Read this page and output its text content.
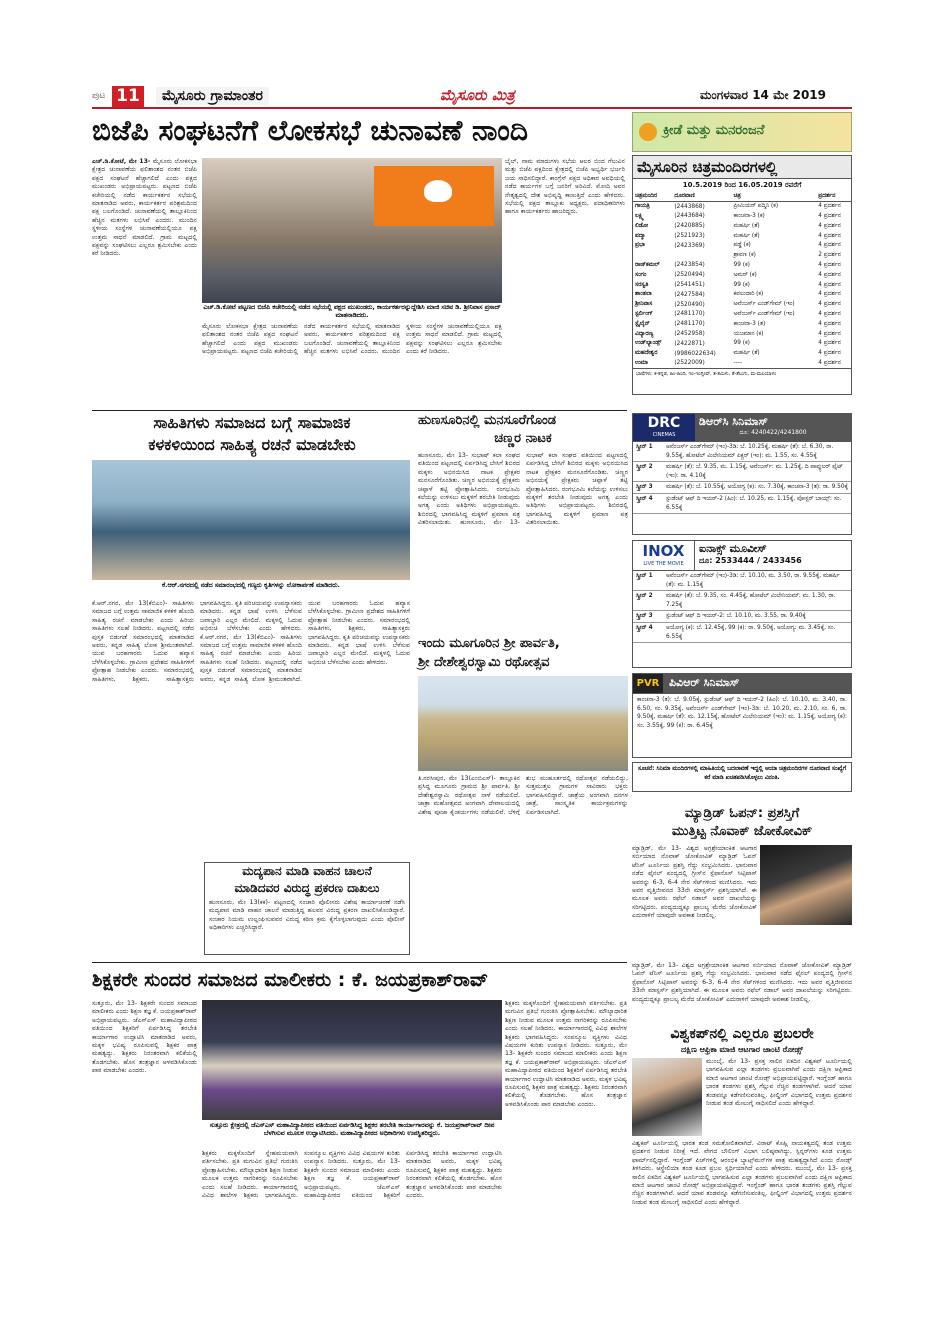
ಪುಟ 11	ಮೈಸೂರು ಗ್ರಾಮಾಂತರ	ಮೈಸೂರು ಮಿತ್ರ	ಮಂಗಳವಾರ 14 ಮೇ 2019
ಬಿಜೆಪಿ ಸಂಘಟನೆಗೆ ಲೋಕಸಭೆ ಚುನಾವಣೆ ನಾಂದಿ
ಎಚ್.ಡಿ.ಕೋಟೆ, ಮೇ 13- ಮೈಸೂರು ಲೋಕಸಭಾ ಕ್ಷೇತ್ರದ ಚುನಾವಣೆಯ ಫಲಿತಾಂಶದ ನಂತರ ಬಿಜೆಪಿ ಪಕ್ಷದ ಸಂಘಟನೆ ಹೆಚ್ಚಾಗಲಿದೆ ಎಂದು ಪಕ್ಷದ ಮುಖಂಡರು ಅಭಿಪ್ರಾಯಪಟ್ಟರು. ಪಟ್ಟಣದ ಬಿಜೆಪಿ ಕಚೇರಿಯಲ್ಲಿ ನಡೆದ ಕಾರ್ಯಕರ್ತರ ಸಭೆಯಲ್ಲಿ ಮಾತನಾಡಿದ ಅವರು, ಕಾರ್ಯಕರ್ತರ ಪರಿಶ್ರಮದಿಂದ ಪಕ್ಷ ಬಲಗೊಂಡಿದೆ. ಚುನಾವಣೆಯಲ್ಲಿ ತಾಲ್ಲೂಕಿನಿಂದ ಹೆಚ್ಚಿನ ಮತಗಳು ಲಭಿಸಿವೆ ಎಂದರು. ಮುಂದಿನ ಸ್ಥಳೀಯ ಸಂಸ್ಥೆಗಳ ಚುನಾವಣೆಯಲ್ಲಿಯೂ ಪಕ್ಷ ಉತ್ತಮ ಸಾಧನೆ ಮಾಡಲಿದೆ. ಗ್ರಾಮ ಮಟ್ಟದಲ್ಲಿ ಪಕ್ಷವನ್ನು ಸಂಘಟಿಸಲು ಎಲ್ಲರೂ ಶ್ರಮಿಸಬೇಕು ಎಂದು ಕರೆ ನೀಡಿದರು.
ಎಚ್.ಡಿ.ಕೋಟೆ ಪಟ್ಟಣದ ಬಿಜೆಪಿ ಕಚೇರಿಯಲ್ಲಿ ನಡೆದ ಸಭೆಯಲ್ಲಿ ಪಕ್ಷದ ಮುಖಂಡರು, ಕಾರ್ಯಕರ್ತರನ್ನುದ್ದೇಶಿಸಿ ಮಾಜಿ ಸಚಿವ ಡಿ. ಶ್ರೀನಿವಾಸ ಪ್ರಸಾದ್ ಮಾತನಾಡಿದರು.
ಬೈಲ್, ನಾಮ ಮಾದುಗಳು ಸಭೆಯ ಆಲರ ಬಿಂದ ಗೆಲುವಿನ ಮತ್ತು ಬಿಜೆಪಿ ಪಕ್ಷದಿಂದ ಕ್ಷೇತ್ರದಲ್ಲಿ ಬಿಜೆಪಿ ಅಭ್ಯರ್ಥಿ ಭರ್ಜರಿ ಜಯ ಸಾಧಿಸಲಿದ್ದಾರೆ. ಕಾಂಗ್ರೆಸ್ ಪಕ್ಷದ ಅಧಿಕಾರ ಅವಧಿಯಲ್ಲಿ ನಡೆದ ಕಾರ್ಯಗಳ ಬಗ್ಗೆ ಜನರಿಗೆ ಅರಿವಿದೆ. ಮೋದಿ ಅವರ ನೇತೃತ್ವದಲ್ಲಿ ದೇಶ ಅಭಿವೃದ್ಧಿ ಕಾಣುತ್ತಿದೆ ಎಂದು ಹೇಳಿದರು. ಸಭೆಯಲ್ಲಿ ಪಕ್ಷದ ತಾಲ್ಲೂಕು ಅಧ್ಯಕ್ಷರು, ಪದಾಧಿಕಾರಿಗಳು ಹಾಗೂ ಕಾರ್ಯಕರ್ತರು ಹಾಜರಿದ್ದರು.
ಮೈಸೂರು ಲೋಕಸಭಾ ಕ್ಷೇತ್ರದ ಚುನಾವಣೆಯ ಫಲಿತಾಂಶದ ನಂತರ ಬಿಜೆಪಿ ಪಕ್ಷದ ಸಂಘಟನೆ ಹೆಚ್ಚಾಗಲಿದೆ ಎಂದು ಪಕ್ಷದ ಮುಖಂಡರು ಅಭಿಪ್ರಾಯಪಟ್ಟರು. ಪಟ್ಟಣದ ಬಿಜೆಪಿ ಕಚೇರಿಯಲ್ಲಿ ನಡೆದ ಕಾರ್ಯಕರ್ತರ ಸಭೆಯಲ್ಲಿ ಮಾತನಾಡಿದ ಅವರು, ಕಾರ್ಯಕರ್ತರ ಪರಿಶ್ರಮದಿಂದ ಪಕ್ಷ ಬಲಗೊಂಡಿದೆ. ಚುನಾವಣೆಯಲ್ಲಿ ತಾಲ್ಲೂಕಿನಿಂದ ಹೆಚ್ಚಿನ ಮತಗಳು ಲಭಿಸಿವೆ ಎಂದರು. ಮುಂದಿನ ಸ್ಥಳೀಯ ಸಂಸ್ಥೆಗಳ ಚುನಾವಣೆಯಲ್ಲಿಯೂ ಪಕ್ಷ ಉತ್ತಮ ಸಾಧನೆ ಮಾಡಲಿದೆ. ಗ್ರಾಮ ಮಟ್ಟದಲ್ಲಿ ಪಕ್ಷವನ್ನು ಸಂಘಟಿಸಲು ಎಲ್ಲರೂ ಶ್ರಮಿಸಬೇಕು ಎಂದು ಕರೆ ನೀಡಿದರು.
ಕ್ರೀಡೆ ಮತ್ತು ಮನರಂಜನೆ
ಮೈಸೂರಿನ ಚಿತ್ರಮಂದಿರಗಳಲ್ಲಿ
10.5.2019 ರಿಂದ 16.05.2019 ರವರೆಗೆ
ಚಿತ್ರಮಂದಿರ	ದೂರವಾಣಿ	ಚಿತ್ರ	ಪ್ರದರ್ಶನ
ಗಾಯತ್ರಿ	(2443868)	ಪ್ರೀಮಿಯರ್ ಪದ್ಮಿನಿ (ಕ)	4 ಪ್ರದರ್ಶನ
ಲಕ್ಷ್ಮಿ	(2443684)	ಕಾಂಚನಾ-3 (ಕ)	4 ಪ್ರದರ್ಶನ
ಲಿಡೋ	(2420885)	ಮಹರ್ಷಿ (ತೆ)	4 ಪ್ರದರ್ಶನ
ಪದ್ಮಾ	(2521923)	ಮಹರ್ಷಿ (ತೆ)	4 ಪ್ರದರ್ಶನ
ಪ್ರಭಾ	(2423369)	ಪಡ್ಡೆ (ಕ)	4 ಪ್ರದರ್ಶನ
		ಶ್ರಾವಣ (ಕ)	2 ಪ್ರದರ್ಶನ
ರಾಜ್‌ಕಮಲ್	(2423854)	99 (ಕ)	4 ಪ್ರದರ್ಶನ
ಸಂಗಂ	(2520494)	ಅಮರ್ (ಕ)	4 ಪ್ರದರ್ಶನ
ಸರಸ್ವತಿ	(2541451)	99 (ಕ)	4 ಪ್ರದರ್ಶನ
ಶಾಂತಲಾ	(2427584)	ಕವಲುದಾರಿ (ಕ)	4 ಪ್ರದರ್ಶನ
ಶ್ರೀನಿವಾಸ	(2520490)	ಅವೆಂಜರ್ಸ್ ಎಂಡ್‌ಗೇಮ್ (ಇಂ)	4 ಪ್ರದರ್ಶನ
ಸ್ಟರ್ಲಿಂಗ್	(2481170)	ಅವೆಂಜರ್ಸ್ ಎಂಡ್‌ಗೇಮ್ (ಇಂ)	4 ಪ್ರದರ್ಶನ
ಸ್ಟೈಲೈನ್	(2481170)	ಕಾಂಚನಾ-3 (ತ)	4 ಪ್ರದರ್ಶನ
ವಿದ್ಯಾರಣ್ಯ	(2452958)	ಯಜಮಾನ (ಕ)	4 ಪ್ರದರ್ಶನ
ಉಡ್‌ಲ್ಯಾಂಡ್ಸ್	(2422871)	99 (ಕ)	4 ಪ್ರದರ್ಶನ
ಮಹದೇಶ್ವರ	(9986022634)	ಮಹರ್ಷಿ (ತೆ)	4 ಪ್ರದರ್ಶನ
ಉಮಾ	(2522009)	----	4 ಪ್ರದರ್ಶನ
ಭಾಷೆಗಳು: ಕ-ಕನ್ನಡ, ಹಿಂ-ಹಿಂದಿ, ಇಂ-ಇಂಗ್ಲೀಷ್, ತ-ತಮಿಳು, ತೆ-ತೆಲುಗು, ಮ-ಮಲಯಾಳಂ
DRC
CINEMAS
ಡಿಆರ್‌ಸಿ ಸಿನಿಮಾಸ್
ದೂ: 4240422/4241800
ಸ್ಕ್ರೀನ್ 1	ಅವೆಂಜರ್ಸ್ ಎಂಡ್‌ಗೇಮ್ (ಇಂ)-3ಡಿ: ಬೆ. 10.25ಕ್ಕೆ, ಮಹರ್ಷಿ (ತೆ): ಬೆ. 6.30, ರಾ. 9.55ಕ್ಕೆ, ಹೋಟೆಲ್ ಮಿಲೇನಿಯಮ್ ಪಿಕ್ಚರ್ (ಇಂ): ಮ. 1.55, ಸಂ. 4.55ಕ್ಕೆ
ಸ್ಕ್ರೀನ್ 2	ಮಹರ್ಷಿ (ತೆ): ಬೆ. 9.35, ಮ. 1.15ಕ್ಕೆ, ಅವೆಂಜರ್ಸ್: ಮ. 1.25ಕ್ಕೆ, ದಿ ಪಾಪ್ಯುಲರ್ ಫೈಟ್ (ಇಂ): ರಾ. 4.10ಕ್ಕೆ
ಸ್ಕ್ರೀನ್ 3	ಮಹರ್ಷಿ (ತೆ): ಬೆ. 10.55ಕ್ಕೆ, ಅಯೋಗ್ಯ (ಕ): ಸಂ. 7.30ಕ್ಕೆ, ಕಾಂಚನಾ-3 (ತ): ರಾ. 9.50ಕ್ಕೆ
ಸ್ಕ್ರೀನ್ 4	ಸ್ಟುಡೆಂಟ್ ಆಫ್ ದಿ ಇಯರ್-2 (ಹಿಂ): ಬೆ. 10.25, ಮ. 1.15ಕ್ಕೆ, ಪೋಸ್ಟರ್ ಬಾಯ್ಸ್: ಸಂ. 6.55ಕ್ಕೆ
INOX
LIVE THE MOVIE
ಐನಾಕ್ಸ್ ಮೂವೀಸ್
ದೂ: 2533444 / 2433456
ಸ್ಕ್ರೀನ್ 1	ಅವೆಂಜರ್ಸ್ ಎಂಡ್‌ಗೇಮ್ (ಇಂ)-3ಡಿ: ಬೆ. 10.10, ಮ. 3.50, ರಾ. 9.55ಕ್ಕೆ, ಮಹರ್ಷಿ (ತೆ): ಮ. 1.15ಕ್ಕೆ
ಸ್ಕ್ರೀನ್ 2	ಮಹರ್ಷಿ (ತೆ): ಬೆ. 9.35, ಸಂ. 4.45ಕ್ಕೆ, ಹೋಟೆಲ್ ಮಿಲೇನಿಯಮ್: ಮ. 1.30, ರಾ. 7.25ಕ್ಕೆ
ಸ್ಕ್ರೀನ್ 3	ಸ್ಟುಡೆಂಟ್ ಆಫ್ ದಿ ಇಯರ್-2: ಬೆ. 10.10, ಮ. 3.55, ರಾ. 9.40ಕ್ಕೆ
ಸ್ಕ್ರೀನ್ 4	ಅಯೋಗ್ಯ (ಕ): ಬೆ. 12.45ಕ್ಕೆ, 99 (ಕ): ರಾ. 9.50ಕ್ಕೆ, ಅಯೋಗ್ಯ: ಮ. 3.45ಕ್ಕೆ, ಸಂ. 6.55ಕ್ಕೆ
PVR ಪಿವಿಆರ್ ಸಿನಿಮಾಸ್
ಕಾಂಚನಾ-3 (ತ): ಬೆ. 9.05ಕ್ಕೆ, ಸ್ಟುಡೆಂಟ್ ಆಫ್ ದಿ ಇಯರ್-2 (ಹಿಂ): ಬೆ. 10.10, ಮ. 3.40, ರಾ. 6.50, ಸಂ. 9.35ಕ್ಕೆ, ಅವೆಂಜರ್ಸ್ ಎಂಡ್‌ಗೇಮ್ (ಇಂ)-3ಡಿ: ಬೆ. 10.20, ಮ. 2.10, ಸಂ. 6, ರಾ. 9.50ಕ್ಕೆ, ಮಹರ್ಷಿ (ತೆ): ಮ. 12.15ಕ್ಕೆ, ಹೋಟೆಲ್ ಮಿಲೇನಿಯಮ್ (ಇಂ): ಮ. 1.15ಕ್ಕೆ, ಅಯೋಗ್ಯ (ಕ): ಸಂ. 3.55ಕ್ಕೆ, 99 (ಕ): ರಾ. 6.45ಕ್ಕೆ
ಸೂಚನೆ: ಸಿನಿಮಾ ಮಂದಿರಗಳಲ್ಲಿ ಮಾಹಿತಿಯಲ್ಲಿ ಬದಲಾವಣೆ ಇದ್ದಲ್ಲಿ ಆಯಾ ಚಿತ್ರಮಂದಿರಗಳ ದೂರವಾಣಿ ಸಂಖ್ಯೆಗೆ ಕರೆ ಮಾಡಿ ಖಚಿತಪಡಿಸಿಕೊಳ್ಳಲು ವಿನಂತಿ.
ಸಾಹಿತಿಗಳು ಸಮಾಜದ ಬಗ್ಗೆ ಸಾಮಾಜಿಕ
ಕಳಕಳಿಯಿಂದ ಸಾಹಿತ್ಯ ರಚನೆ ಮಾಡಬೇಕು
ಕೆ.ಆರ್.ನಗರದಲ್ಲಿ ನಡೆದ ಸಮಾರಂಭದಲ್ಲಿ ಗಣ್ಯರು ಕೃತಿಗಳನ್ನು ಲೋಕಾರ್ಪಣೆ ಮಾಡಿದರು.
ಕೆ.ಆರ್.ನಗರ, ಮೇ 13(ಕೆಬಿಎಂ)- ಸಾಹಿತಿಗಳು ಸಮಾಜದ ಬಗ್ಗೆ ಉತ್ತಮ ಸಾಮಾಜಿಕ ಕಳಕಳಿ ಹೊಂದಿ ಸಾಹಿತ್ಯ ರಚನೆ ಮಾಡಬೇಕು ಎಂದು ಹಿರಿಯ ಸಾಹಿತಿಗಳು ಸಲಹೆ ನೀಡಿದರು. ಪಟ್ಟಣದಲ್ಲಿ ನಡೆದ ಪುಸ್ತಕ ಬಿಡುಗಡೆ ಸಮಾರಂಭದಲ್ಲಿ ಮಾತನಾಡಿದ ಅವರು, ಕನ್ನಡ ಸಾಹಿತ್ಯ ಲೋಕ ಶ್ರೀಮಂತವಾಗಿದೆ. ಯುವ ಬರಹಗಾರರು ಓದುವ ಹವ್ಯಾಸ ಬೆಳೆಸಿಕೊಳ್ಳಬೇಕು. ಗ್ರಾಮೀಣ ಪ್ರದೇಶದ ಸಾಹಿತಿಗಳಿಗೆ ಪ್ರೋತ್ಸಾಹ ನೀಡಬೇಕು ಎಂದರು. ಸಮಾರಂಭದಲ್ಲಿ ಸಾಹಿತಿಗಳು, ಶಿಕ್ಷಕರು, ಸಾಹಿತ್ಯಾಸಕ್ತರು ಭಾಗವಹಿಸಿದ್ದರು. ಕೃತಿ ಪರಿಚಯವನ್ನು ಉಪನ್ಯಾಸಕರು ಮಾಡಿದರು. ಕನ್ನಡ ಭಾಷೆ ಉಳಿಸಿ ಬೆಳೆಸುವ ಜವಾಬ್ದಾರಿ ಎಲ್ಲರ ಮೇಲಿದೆ. ಮಕ್ಕಳಲ್ಲಿ ಓದುವ ಅಭಿರುಚಿ ಬೆಳೆಸಬೇಕು ಎಂದು ಹೇಳಿದರು. ಕೆ.ಆರ್.ನಗರ, ಮೇ 13(ಕೆಬಿಎಂ)- ಸಾಹಿತಿಗಳು ಸಮಾಜದ ಬಗ್ಗೆ ಉತ್ತಮ ಸಾಮಾಜಿಕ ಕಳಕಳಿ ಹೊಂದಿ ಸಾಹಿತ್ಯ ರಚನೆ ಮಾಡಬೇಕು ಎಂದು ಹಿರಿಯ ಸಾಹಿತಿಗಳು ಸಲಹೆ ನೀಡಿದರು. ಪಟ್ಟಣದಲ್ಲಿ ನಡೆದ ಪುಸ್ತಕ ಬಿಡುಗಡೆ ಸಮಾರಂಭದಲ್ಲಿ ಮಾತನಾಡಿದ ಅವರು, ಕನ್ನಡ ಸಾಹಿತ್ಯ ಲೋಕ ಶ್ರೀಮಂತವಾಗಿದೆ. ಯುವ ಬರಹಗಾರರು ಓದುವ ಹವ್ಯಾಸ ಬೆಳೆಸಿಕೊಳ್ಳಬೇಕು. ಗ್ರಾಮೀಣ ಪ್ರದೇಶದ ಸಾಹಿತಿಗಳಿಗೆ ಪ್ರೋತ್ಸಾಹ ನೀಡಬೇಕು ಎಂದರು. ಸಮಾರಂಭದಲ್ಲಿ ಸಾಹಿತಿಗಳು, ಶಿಕ್ಷಕರು, ಸಾಹಿತ್ಯಾಸಕ್ತರು ಭಾಗವಹಿಸಿದ್ದರು. ಕೃತಿ ಪರಿಚಯವನ್ನು ಉಪನ್ಯಾಸಕರು ಮಾಡಿದರು. ಕನ್ನಡ ಭಾಷೆ ಉಳಿಸಿ ಬೆಳೆಸುವ ಜವಾಬ್ದಾರಿ ಎಲ್ಲರ ಮೇಲಿದೆ. ಮಕ್ಕಳಲ್ಲಿ ಓದುವ ಅಭಿರುಚಿ ಬೆಳೆಸಬೇಕು ಎಂದು ಹೇಳಿದರು.
ಹುಣಸೂರಿನಲ್ಲಿ ಮನಸೂರೆಗೊಂಡ
ಚಣ್ಣರ ನಾಟಕ
ಹುಣಸೂರು, ಮೇ 13- ಸುಭಾಷ್ ಕಲಾ ಸಂಘದ ವತಿಯಿಂದ ಪಟ್ಟಣದಲ್ಲಿ ಏರ್ಪಡಿಸಿದ್ದ ಬೇಸಿಗೆ ಶಿಬಿರದ ಮಕ್ಕಳು ಅಭಿನಯಿಸಿದ ನಾಟಕ ಪ್ರೇಕ್ಷಕರ ಮನಸೂರೆಗೊಂಡಿತು. ಚಿಣ್ಣರ ಅಭಿನಯಕ್ಕೆ ಪ್ರೇಕ್ಷಕರು ಚಪ್ಪಾಳೆ ತಟ್ಟಿ ಪ್ರೋತ್ಸಾಹಿಸಿದರು. ರಂಗಭೂಮಿ ಕಲೆಯನ್ನು ಉಳಿಸಲು ಮಕ್ಕಳಿಗೆ ತರಬೇತಿ ನೀಡುವುದು ಅಗತ್ಯ ಎಂದು ಅತಿಥಿಗಳು ಅಭಿಪ್ರಾಯಪಟ್ಟರು. ಶಿಬಿರದಲ್ಲಿ ಭಾಗವಹಿಸಿದ್ದ ಮಕ್ಕಳಿಗೆ ಪ್ರಮಾಣ ಪತ್ರ ವಿತರಿಸಲಾಯಿತು. ಹುಣಸೂರು, ಮೇ 13- ಸುಭಾಷ್ ಕಲಾ ಸಂಘದ ವತಿಯಿಂದ ಪಟ್ಟಣದಲ್ಲಿ ಏರ್ಪಡಿಸಿದ್ದ ಬೇಸಿಗೆ ಶಿಬಿರದ ಮಕ್ಕಳು ಅಭಿನಯಿಸಿದ ನಾಟಕ ಪ್ರೇಕ್ಷಕರ ಮನಸೂರೆಗೊಂಡಿತು. ಚಿಣ್ಣರ ಅಭಿನಯಕ್ಕೆ ಪ್ರೇಕ್ಷಕರು ಚಪ್ಪಾಳೆ ತಟ್ಟಿ ಪ್ರೋತ್ಸಾಹಿಸಿದರು. ರಂಗಭೂಮಿ ಕಲೆಯನ್ನು ಉಳಿಸಲು ಮಕ್ಕಳಿಗೆ ತರಬೇತಿ ನೀಡುವುದು ಅಗತ್ಯ ಎಂದು ಅತಿಥಿಗಳು ಅಭಿಪ್ರಾಯಪಟ್ಟರು. ಶಿಬಿರದಲ್ಲಿ ಭಾಗವಹಿಸಿದ್ದ ಮಕ್ಕಳಿಗೆ ಪ್ರಮಾಣ ಪತ್ರ ವಿತರಿಸಲಾಯಿತು.
ಇಂದು ಮೂಗೂರಿನ ಶ್ರೀ ಪಾರ್ವತಿ,
ಶ್ರೀ ದೇಶೇಶ್ವರಸ್ವಾಮಿ ರಥೋತ್ಸವ
ತಿ.ನರಸೀಪುರ, ಮೇ 13(ಎಂಬಿಎಸ್)- ತಾಲ್ಲೂಕಿನ ಪ್ರಸಿದ್ಧ ಮೂಗೂರು ಗ್ರಾಮದ ಶ್ರೀ ಪಾರ್ವತಿ, ಶ್ರೀ ದೇಶೇಶ್ವರಸ್ವಾಮಿ ರಥೋತ್ಸವ ನಾಳೆ ನಡೆಯಲಿದೆ. ಜಾತ್ರಾ ಮಹೋತ್ಸವದ ಅಂಗವಾಗಿ ದೇವಾಲಯದಲ್ಲಿ ವಿಶೇಷ ಪೂಜಾ ಕೈಂಕರ್ಯಗಳು ನಡೆಯಲಿವೆ. ಬೆಳಿಗ್ಗೆ ಶುಭ ಮುಹೂರ್ತದಲ್ಲಿ ರಥೋತ್ಸವ ನಡೆಯಲಿದ್ದು, ಸುತ್ತಮುತ್ತಲ ಗ್ರಾಮಗಳ ಸಾವಿರಾರು ಭಕ್ತರು ಭಾಗವಹಿಸಲಿದ್ದಾರೆ. ಜಾತ್ರೆಯ ಅಂಗವಾಗಿ ದನಗಳ ಜಾತ್ರೆ, ಸಾಂಸ್ಕೃತಿಕ ಕಾರ್ಯಕ್ರಮಗಳನ್ನು ಏರ್ಪಡಿಸಲಾಗಿದೆ.
ಮದ್ಯಪಾನ ಮಾಡಿ ವಾಹನ ಚಾಲನೆ
ಮಾಡಿದವರ ವಿರುದ್ಧ ಪ್ರಕರಣ ದಾಖಲು
ಹುಣಸೂರು, ಮೇ 13(ಕಕ)- ಪಟ್ಟಣದಲ್ಲಿ ಸಂಚಾರಿ ಪೊಲೀಸರು ವಿಶೇಷ ಕಾರ್ಯಾಚರಣೆ ನಡೆಸಿ ಮದ್ಯಪಾನ ಮಾಡಿ ವಾಹನ ಚಾಲನೆ ಮಾಡುತ್ತಿದ್ದ ಹಲವರ ವಿರುದ್ಧ ಪ್ರಕರಣ ದಾಖಲಿಸಿಕೊಂಡಿದ್ದಾರೆ. ಸಂಚಾರ ನಿಯಮ ಉಲ್ಲಂಘಿಸುವವರ ವಿರುದ್ಧ ಕಠಿಣ ಕ್ರಮ ಕೈಗೊಳ್ಳಲಾಗುವುದು ಎಂದು ಪೊಲೀಸ್ ಅಧಿಕಾರಿಗಳು ಎಚ್ಚರಿಸಿದ್ದಾರೆ.
ಮ್ಯಾಡ್ರಿಡ್ ಓಪನ್: ಪ್ರಶಸ್ತಿಗೆ
ಮುತ್ತಿಟ್ಟ ನೊವಾಕ್ ಜೋಕೋವಿಕ್
ಮ್ಯಾಡ್ರಿಡ್, ಮೇ 13- ವಿಶ್ವದ ಅಗ್ರಶ್ರೇಯಾಂಕಿತ ಆಟಗಾರ ಸರ್ಬಿಯಾದ ನೊವಾಕ್ ಜೋಕೋವಿಕ್ ಮ್ಯಾಡ್ರಿಡ್ ಓಪನ್ ಟೆನಿಸ್ ಟೂರ್ನಿಯ ಪ್ರಶಸ್ತಿ ಗೆದ್ದು ಸಂಭ್ರಮಿಸಿದರು. ಭಾನುವಾರ ನಡೆದ ಫೈನಲ್ ಪಂದ್ಯದಲ್ಲಿ ಗ್ರೀಸ್‌ನ ಸ್ಟೆಫಾನೊಸ್ ಸಿಟ್ಸಿಪಾಸ್ ಅವರನ್ನು 6-3, 6-4 ನೇರ ಸೆಟ್‌ಗಳಿಂದ ಮಣಿಸಿದರು. ಇದು ಅವರ ವೃತ್ತಿಜೀವನದ 33ನೇ ಮಾಸ್ಟರ್ಸ್ ಪ್ರಶಸ್ತಿಯಾಗಿದೆ. ಈ ಮೂಲಕ ಅವರು ರಫೆಲ್ ನಡಾಲ್ ಅವರ ದಾಖಲೆಯನ್ನು ಸರಿಗಟ್ಟಿದರು. ಪಂದ್ಯದುದ್ದಕ್ಕೂ ಪ್ರಾಬಲ್ಯ ಮೆರೆದ ಜೋಕೋವಿಕ್ ಎದುರಾಳಿಗೆ ಯಾವುದೇ ಅವಕಾಶ ನೀಡಲಿಲ್ಲ.
ಮ್ಯಾಡ್ರಿಡ್, ಮೇ 13- ವಿಶ್ವದ ಅಗ್ರಶ್ರೇಯಾಂಕಿತ ಆಟಗಾರ ಸರ್ಬಿಯಾದ ನೊವಾಕ್ ಜೋಕೋವಿಕ್ ಮ್ಯಾಡ್ರಿಡ್ ಓಪನ್ ಟೆನಿಸ್ ಟೂರ್ನಿಯ ಪ್ರಶಸ್ತಿ ಗೆದ್ದು ಸಂಭ್ರಮಿಸಿದರು. ಭಾನುವಾರ ನಡೆದ ಫೈನಲ್ ಪಂದ್ಯದಲ್ಲಿ ಗ್ರೀಸ್‌ನ ಸ್ಟೆಫಾನೊಸ್ ಸಿಟ್ಸಿಪಾಸ್ ಅವರನ್ನು 6-3, 6-4 ನೇರ ಸೆಟ್‌ಗಳಿಂದ ಮಣಿಸಿದರು. ಇದು ಅವರ ವೃತ್ತಿಜೀವನದ 33ನೇ ಮಾಸ್ಟರ್ಸ್ ಪ್ರಶಸ್ತಿಯಾಗಿದೆ. ಈ ಮೂಲಕ ಅವರು ರಫೆಲ್ ನಡಾಲ್ ಅವರ ದಾಖಲೆಯನ್ನು ಸರಿಗಟ್ಟಿದರು. ಪಂದ್ಯದುದ್ದಕ್ಕೂ ಪ್ರಾಬಲ್ಯ ಮೆರೆದ ಜೋಕೋವಿಕ್ ಎದುರಾಳಿಗೆ ಯಾವುದೇ ಅವಕಾಶ ನೀಡಲಿಲ್ಲ.
ವಿಶ್ವಕಪ್‌ನಲ್ಲಿ ಎಲ್ಲರೂ ಪ್ರಬಲರೇ
ದಕ್ಷಿಣ ಆಫ್ರಿಕಾ ಮಾಜಿ ಆಟಗಾರ ಜಾಂಟಿ ರೋಡ್ಸ್
ಮುಂಬೈ, ಮೇ 13- ಪ್ರಸಕ್ತ ಸಾಲಿನ ಏಕದಿನ ವಿಶ್ವಕಪ್ ಟೂರ್ನಿಯಲ್ಲಿ ಭಾಗವಹಿಸುವ ಎಲ್ಲಾ ತಂಡಗಳು ಪ್ರಬಲವಾಗಿವೆ ಎಂದು ದಕ್ಷಿಣ ಆಫ್ರಿಕಾದ ಮಾಜಿ ಆಟಗಾರ ಜಾಂಟಿ ರೋಡ್ಸ್ ಅಭಿಪ್ರಾಯಪಟ್ಟಿದ್ದಾರೆ. ಇಂಗ್ಲೆಂಡ್ ಹಾಗೂ ಭಾರತ ತಂಡಗಳು ಪ್ರಶಸ್ತಿ ಗೆಲ್ಲುವ ನೆಚ್ಚಿನ ತಂಡಗಳಾಗಿವೆ. ಆದರೆ ಯಾವ ತಂಡವನ್ನೂ ಕಡೆಗಣಿಸುವಂತಿಲ್ಲ. ಫೀಲ್ಡಿಂಗ್ ವಿಭಾಗದಲ್ಲಿ ಉತ್ತಮ ಪ್ರದರ್ಶನ ನೀಡುವ ತಂಡ ಮೇಲುಗೈ ಸಾಧಿಸಲಿದೆ ಎಂದು ಹೇಳಿದ್ದಾರೆ.
ವಿಶ್ವಕಪ್ ಟೂರ್ನಿಯಲ್ಲಿ ಭಾರತ ತಂಡ ಸಮತೋಲಿತವಾಗಿದೆ. ವಿರಾಟ್ ಕೊಹ್ಲಿ ನಾಯಕತ್ವದಲ್ಲಿ ತಂಡ ಉತ್ತಮ ಪ್ರದರ್ಶನ ನೀಡುವ ನಿರೀಕ್ಷೆ ಇದೆ. ವೇಗದ ಬೌಲಿಂಗ್ ವಿಭಾಗ ಬಲಿಷ್ಠವಾಗಿದ್ದು, ಸ್ಪಿನ್ನರ್‌ಗಳು ಕೂಡ ಉತ್ತಮ ಫಾರ್ಮ್‌ನಲ್ಲಿದ್ದಾರೆ. ಇಂಗ್ಲೆಂಡ್ ಪಿಚ್‌ಗಳಲ್ಲಿ ಆರಂಭಿಕ ಬ್ಯಾಟ್ಸ್‌ಮನ್‌ಗಳ ಪಾತ್ರ ಮಹತ್ವದ್ದಾಗಿದೆ ಎಂದು ರೋಡ್ಸ್ ತಿಳಿಸಿದರು. ಆಸ್ಟ್ರೇಲಿಯಾ ತಂಡ ಕೂಡ ಪ್ರಬಲ ಸ್ಪರ್ಧಿಯಾಗಿದೆ ಎಂದು ಹೇಳಿದರು. ಮುಂಬೈ, ಮೇ 13- ಪ್ರಸಕ್ತ ಸಾಲಿನ ಏಕದಿನ ವಿಶ್ವಕಪ್ ಟೂರ್ನಿಯಲ್ಲಿ ಭಾಗವಹಿಸುವ ಎಲ್ಲಾ ತಂಡಗಳು ಪ್ರಬಲವಾಗಿವೆ ಎಂದು ದಕ್ಷಿಣ ಆಫ್ರಿಕಾದ ಮಾಜಿ ಆಟಗಾರ ಜಾಂಟಿ ರೋಡ್ಸ್ ಅಭಿಪ್ರಾಯಪಟ್ಟಿದ್ದಾರೆ. ಇಂಗ್ಲೆಂಡ್ ಹಾಗೂ ಭಾರತ ತಂಡಗಳು ಪ್ರಶಸ್ತಿ ಗೆಲ್ಲುವ ನೆಚ್ಚಿನ ತಂಡಗಳಾಗಿವೆ. ಆದರೆ ಯಾವ ತಂಡವನ್ನೂ ಕಡೆಗಣಿಸುವಂತಿಲ್ಲ. ಫೀಲ್ಡಿಂಗ್ ವಿಭಾಗದಲ್ಲಿ ಉತ್ತಮ ಪ್ರದರ್ಶನ ನೀಡುವ ತಂಡ ಮೇಲುಗೈ ಸಾಧಿಸಲಿದೆ ಎಂದು ಹೇಳಿದ್ದಾರೆ.
ಶಿಕ್ಷಕರೇ ಸುಂದರ ಸಮಾಜದ ಮಾಲೀಕರು : ಕೆ. ಜಯಪ್ರಕಾಶ್‌ರಾವ್
ಸುತ್ತೂರು, ಮೇ 13- ಶಿಕ್ಷಕರೇ ಸುಂದರ ಸಮಾಜದ ಮಾಲೀಕರು ಎಂದು ಶಿಕ್ಷಣ ತಜ್ಞ ಕೆ. ಜಯಪ್ರಕಾಶ್‌ರಾವ್ ಅಭಿಪ್ರಾಯಪಟ್ಟರು. ಜೆಎಸ್‌ಎಸ್ ಮಹಾವಿದ್ಯಾಪೀಠದ ವತಿಯಿಂದ ಶಿಕ್ಷಕರಿಗೆ ಏರ್ಪಡಿಸಿದ್ದ ತರಬೇತಿ ಕಾರ್ಯಾಗಾರ ಉದ್ಘಾಟಿಸಿ ಮಾತನಾಡಿದ ಅವರು, ಮಕ್ಕಳ ಭವಿಷ್ಯ ರೂಪಿಸುವಲ್ಲಿ ಶಿಕ್ಷಕರ ಪಾತ್ರ ಮಹತ್ವದ್ದು. ಶಿಕ್ಷಕರು ನಿರಂತರವಾಗಿ ಕಲಿಕೆಯಲ್ಲಿ ತೊಡಗಬೇಕು. ಹೊಸ ತಂತ್ರಜ್ಞಾನ ಅಳವಡಿಸಿಕೊಂಡು ಪಾಠ ಮಾಡಬೇಕು ಎಂದರು.
ಸುತ್ತೂರು ಕ್ಷೇತ್ರದಲ್ಲಿ ಜೆಎಸ್‌ಎಸ್ ಮಹಾವಿದ್ಯಾಪೀಠದ ವತಿಯಿಂದ ಏರ್ಪಡಿಸಿದ್ದ ಶಿಕ್ಷಕರ ತರಬೇತಿ ಕಾರ್ಯಾಗಾರವನ್ನು ಕೆ. ಜಯಪ್ರಕಾಶ್‌ರಾವ್ ದೀಪ ಬೆಳಗಿಸುವ ಮೂಲಕ ಉದ್ಘಾಟಿಸಿದರು. ಮಹಾವಿದ್ಯಾಪೀಠದ ಅಧಿಕಾರಿಗಳು ಉಪಸ್ಥಿತರಿದ್ದರು.
ಶಿಕ್ಷಕರು ಮಕ್ಕಳೊಂದಿಗೆ ಸ್ನೇಹಮಯವಾಗಿ ವರ್ತಿಸಬೇಕು. ಪ್ರತಿ ಮಗುವಿನ ಪ್ರತಿಭೆ ಗುರುತಿಸಿ ಪ್ರೋತ್ಸಾಹಿಸಬೇಕು. ಮೌಲ್ಯಾಧಾರಿತ ಶಿಕ್ಷಣ ನೀಡುವ ಮೂಲಕ ಉತ್ತಮ ನಾಗರಿಕರನ್ನು ರೂಪಿಸಬೇಕು ಎಂದು ಸಲಹೆ ನೀಡಿದರು. ಕಾರ್ಯಾಗಾರದಲ್ಲಿ ವಿವಿಧ ಶಾಲೆಗಳ ಶಿಕ್ಷಕರು ಭಾಗವಹಿಸಿದ್ದರು. ಸಂಪನ್ಮೂಲ ವ್ಯಕ್ತಿಗಳು ವಿವಿಧ ವಿಷಯಗಳ ಕುರಿತು ಉಪನ್ಯಾಸ ನೀಡಿದರು. ಸುತ್ತೂರು, ಮೇ 13- ಶಿಕ್ಷಕರೇ ಸುಂದರ ಸಮಾಜದ ಮಾಲೀಕರು ಎಂದು ಶಿಕ್ಷಣ ತಜ್ಞ ಕೆ. ಜಯಪ್ರಕಾಶ್‌ರಾವ್ ಅಭಿಪ್ರಾಯಪಟ್ಟರು. ಜೆಎಸ್‌ಎಸ್ ಮಹಾವಿದ್ಯಾಪೀಠದ ವತಿಯಿಂದ ಶಿಕ್ಷಕರಿಗೆ ಏರ್ಪಡಿಸಿದ್ದ ತರಬೇತಿ ಕಾರ್ಯಾಗಾರ ಉದ್ಘಾಟಿಸಿ ಮಾತನಾಡಿದ ಅವರು, ಮಕ್ಕಳ ಭವಿಷ್ಯ ರೂಪಿಸುವಲ್ಲಿ ಶಿಕ್ಷಕರ ಪಾತ್ರ ಮಹತ್ವದ್ದು. ಶಿಕ್ಷಕರು ನಿರಂತರವಾಗಿ ಕಲಿಕೆಯಲ್ಲಿ ತೊಡಗಬೇಕು. ಹೊಸ ತಂತ್ರಜ್ಞಾನ ಅಳವಡಿಸಿಕೊಂಡು ಪಾಠ ಮಾಡಬೇಕು ಎಂದರು.
ಶಿಕ್ಷಕರು ಮಕ್ಕಳೊಂದಿಗೆ ಸ್ನೇಹಮಯವಾಗಿ ವರ್ತಿಸಬೇಕು. ಪ್ರತಿ ಮಗುವಿನ ಪ್ರತಿಭೆ ಗುರುತಿಸಿ ಪ್ರೋತ್ಸಾಹಿಸಬೇಕು. ಮೌಲ್ಯಾಧಾರಿತ ಶಿಕ್ಷಣ ನೀಡುವ ಮೂಲಕ ಉತ್ತಮ ನಾಗರಿಕರನ್ನು ರೂಪಿಸಬೇಕು ಎಂದು ಸಲಹೆ ನೀಡಿದರು. ಕಾರ್ಯಾಗಾರದಲ್ಲಿ ವಿವಿಧ ಶಾಲೆಗಳ ಶಿಕ್ಷಕರು ಭಾಗವಹಿಸಿದ್ದರು. ಸಂಪನ್ಮೂಲ ವ್ಯಕ್ತಿಗಳು ವಿವಿಧ ವಿಷಯಗಳ ಕುರಿತು ಉಪನ್ಯಾಸ ನೀಡಿದರು. ಸುತ್ತೂರು, ಮೇ 13- ಶಿಕ್ಷಕರೇ ಸುಂದರ ಸಮಾಜದ ಮಾಲೀಕರು ಎಂದು ಶಿಕ್ಷಣ ತಜ್ಞ ಕೆ. ಜಯಪ್ರಕಾಶ್‌ರಾವ್ ಅಭಿಪ್ರಾಯಪಟ್ಟರು. ಜೆಎಸ್‌ಎಸ್ ಮಹಾವಿದ್ಯಾಪೀಠದ ವತಿಯಿಂದ ಶಿಕ್ಷಕರಿಗೆ ಏರ್ಪಡಿಸಿದ್ದ ತರಬೇತಿ ಕಾರ್ಯಾಗಾರ ಉದ್ಘಾಟಿಸಿ ಮಾತನಾಡಿದ ಅವರು, ಮಕ್ಕಳ ಭವಿಷ್ಯ ರೂಪಿಸುವಲ್ಲಿ ಶಿಕ್ಷಕರ ಪಾತ್ರ ಮಹತ್ವದ್ದು. ಶಿಕ್ಷಕರು ನಿರಂತರವಾಗಿ ಕಲಿಕೆಯಲ್ಲಿ ತೊಡಗಬೇಕು. ಹೊಸ ತಂತ್ರಜ್ಞಾನ ಅಳವಡಿಸಿಕೊಂಡು ಪಾಠ ಮಾಡಬೇಕು ಎಂದರು.
